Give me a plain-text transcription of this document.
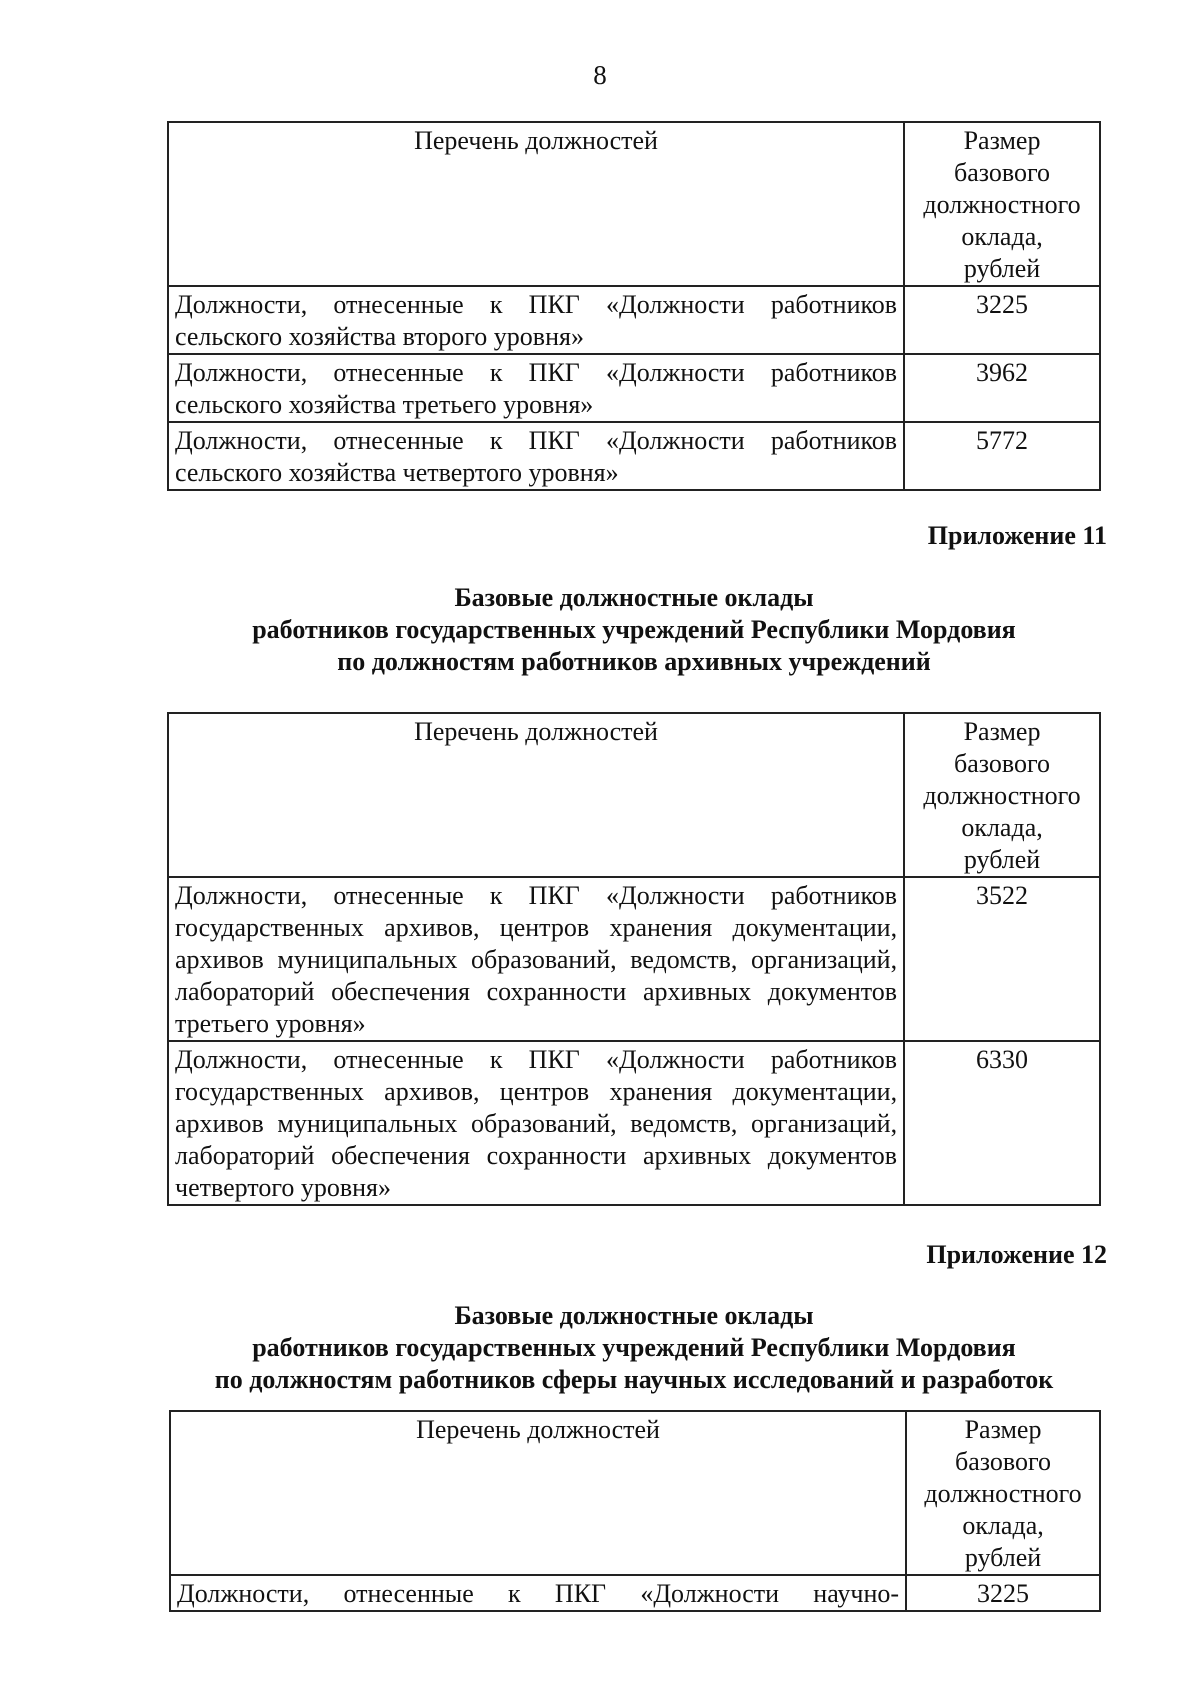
8
Перечень должностей	Размер
базового
должностного
оклада,
рублей

Должности, отнесенные к ПКГ «Должности работников сельского хозяйства второго уровня»	3225
Должности, отнесенные к ПКГ «Должности работников сельского хозяйства третьего уровня»	3962
Должности, отнесенные к ПКГ «Должности работников сельского хозяйства четвертого уровня»	5772
Приложение 11
Базовые должностные оклады
работников государственных учреждений Республики Мордовия
по должностям работников архивных учреждений
Перечень должностей	Размер
базового
должностного
оклада,
рублей

Должности, отнесенные к ПКГ «Должности работников государственных архивов, центров хранения документации, архивов муниципальных образований, ведомств, организаций, лабораторий обеспечения сохранности архивных документов третьего уровня»	3522
Должности, отнесенные к ПКГ «Должности работников государственных архивов, центров хранения документации, архивов муниципальных образований, ведомств, организаций, лабораторий обеспечения сохранности архивных документов четвертого уровня»	6330
Приложение 12
Базовые должностные оклады
работников государственных учреждений Республики Мордовия
по должностям работников сферы научных исследований и разработок
Перечень должностей	Размер
базового
должностного
оклада,
рублей

Должности, отнесенные к ПКГ «Должности научно-	3225
